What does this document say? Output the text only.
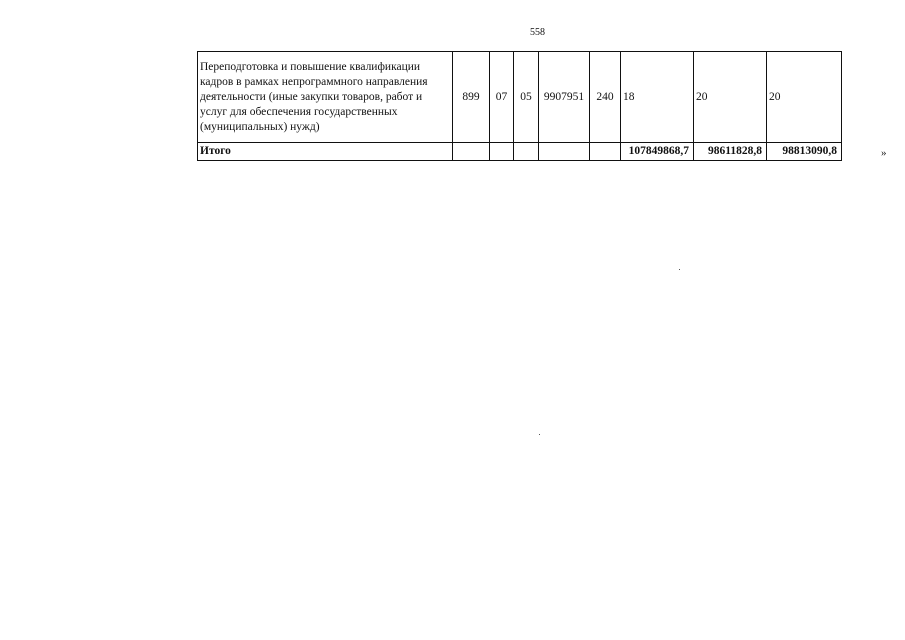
558
Переподготовка и повышение квалификации кадров в рамках непрограммного направления деятельности (иные закупки товаров, работ и услуг для обеспечения государственных (муниципальных) нужд)	899	07	05	9907951	240	18	20	20
Итого						107849868,7	98611828,8	98813090,8	»
